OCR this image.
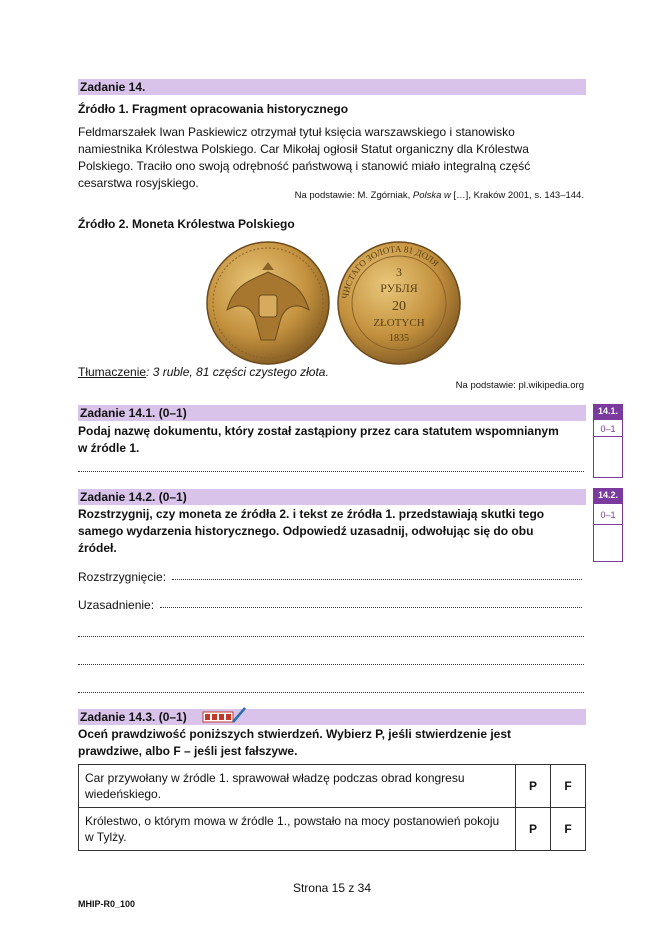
Zadanie 14.
Źródło 1. Fragment opracowania historycznego
Feldmarszałek Iwan Paskiewicz otrzymał tytuł księcia warszawskiego i stanowisko
namiestnika Królestwa Polskiego. Car Mikołaj ogłosił Statut organiczny dla Królestwa
Polskiego. Traciło ono swoją odrębność państwową i stanowić miało integralną część
cesarstwa rosyjskiego.
Na podstawie: M. Zgórniak, Polska w […], Kraków 2001, s. 143–144.
Źródło 2. Moneta Królestwa Polskiego
3
РУБЛЯ
20
ZŁOTYCH
1835
ЧИСТАГО ЗОЛОТА 81 ДОЛЯ
Tłumaczenie: 3 ruble, 81 części czystego złota.
Na podstawie: pl.wikipedia.org
Zadanie 14.1. (0–1)
Podaj nazwę dokumentu, który został zastąpiony przez cara statutem wspomnianym
w źródle 1.
14.1.
0–1
Zadanie 14.2. (0–1)
Rozstrzygnij, czy moneta ze źródła 2. i tekst ze źródła 1. przedstawiają skutki tego
samego wydarzenia historycznego. Odpowiedź uzasadnij, odwołując się do obu
źródeł.
Rozstrzygnięcie:
Uzasadnienie:
14.2.
0–1
Zadanie 14.3. (0–1)
Oceń prawdziwość poniższych stwierdzeń. Wybierz P, jeśli stwierdzenie jest
prawdziwe, albo F – jeśli jest fałszywe.
Car przywołany w źródle 1. sprawował władzę podczas obrad kongresu wiedeńskiego.	P	F
Królestwo, o którym mowa w źródle 1., powstało na mocy postanowień pokoju w Tylży.	P	F
Strona 15 z 34
MHIP-R0_100
